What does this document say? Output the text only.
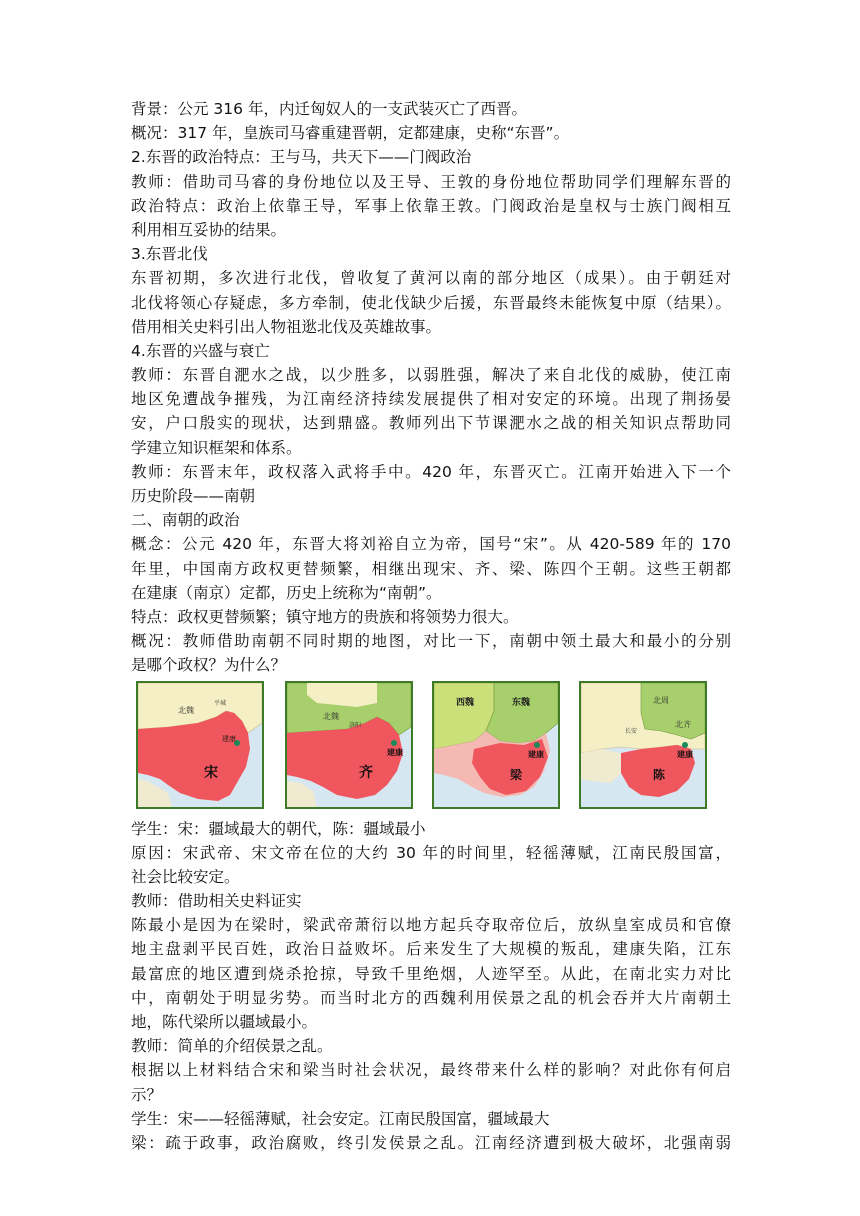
背景：公元 316 年，内迁匈奴人的一支武装灭亡了西晋。
概况：317 年，皇族司马睿重建晋朝，定都建康，史称“东晋”。
2.东晋的政治特点：王与马，共天下——门阀政治
教师：借助司马睿的身份地位以及王导、王敦的身份地位帮助同学们理解东晋的
政治特点：政治上依靠王导，军事上依靠王敦。门阀政治是皇权与士族门阀相互
利用相互妥协的结果。
3.东晋北伐
东晋初期，多次进行北伐，曾收复了黄河以南的部分地区（成果）。由于朝廷对
北伐将领心存疑虑，多方牵制，使北伐缺少后援，东晋最终未能恢复中原（结果）。
借用相关史料引出人物祖逖北伐及英雄故事。
4.东晋的兴盛与衰亡
教师：东晋自淝水之战，以少胜多，以弱胜强，解决了来自北伐的威胁，使江南
地区免遭战争摧残，为江南经济持续发展提供了相对安定的环境。出现了荆扬晏
安，户口殷实的现状，达到鼎盛。教师列出下节课淝水之战的相关知识点帮助同
学建立知识框架和体系。
教师：东晋末年，政权落入武将手中。420 年，东晋灭亡。江南开始进入下一个
历史阶段——南朝
二、南朝的政治
概念：公元 420 年，东晋大将刘裕自立为帝，国号“宋”。从 420-589 年的 170
年里，中国南方政权更替频繁，相继出现宋、齐、梁、陈四个王朝。这些王朝都
在建康（南京）定都，历史上统称为“南朝”。
特点：政权更替频繁；镇守地方的贵族和将领势力很大。
概况：教师借助南朝不同时期的地图，对比一下，南朝中领土最大和最小的分别
是哪个政权？为什么？
北魏
平城
建康
宋
北魏
洛阳
建康
齐
西魏	东魏
建康
梁
北周
北齐
长安
建康
陈
学生：宋：疆域最大的朝代，陈：疆域最小
原因：宋武帝、宋文帝在位的大约 30 年的时间里，轻徭薄赋，江南民殷国富，
社会比较安定。
教师：借助相关史料证实
陈最小是因为在梁时，梁武帝萧衍以地方起兵夺取帝位后，放纵皇室成员和官僚
地主盘剥平民百姓，政治日益败坏。后来发生了大规模的叛乱，建康失陷，江东
最富庶的地区遭到烧杀抢掠，导致千里绝烟，人迹罕至。从此，在南北实力对比
中，南朝处于明显劣势。而当时北方的西魏利用侯景之乱的机会吞并大片南朝土
地，陈代梁所以疆域最小。
教师：简单的介绍侯景之乱。
根据以上材料结合宋和梁当时社会状况，最终带来什么样的影响？对此你有何启
示？
学生：宋——轻徭薄赋，社会安定。江南民殷国富，疆域最大
梁：疏于政事，政治腐败，终引发侯景之乱。江南经济遭到极大破坏，北强南弱
